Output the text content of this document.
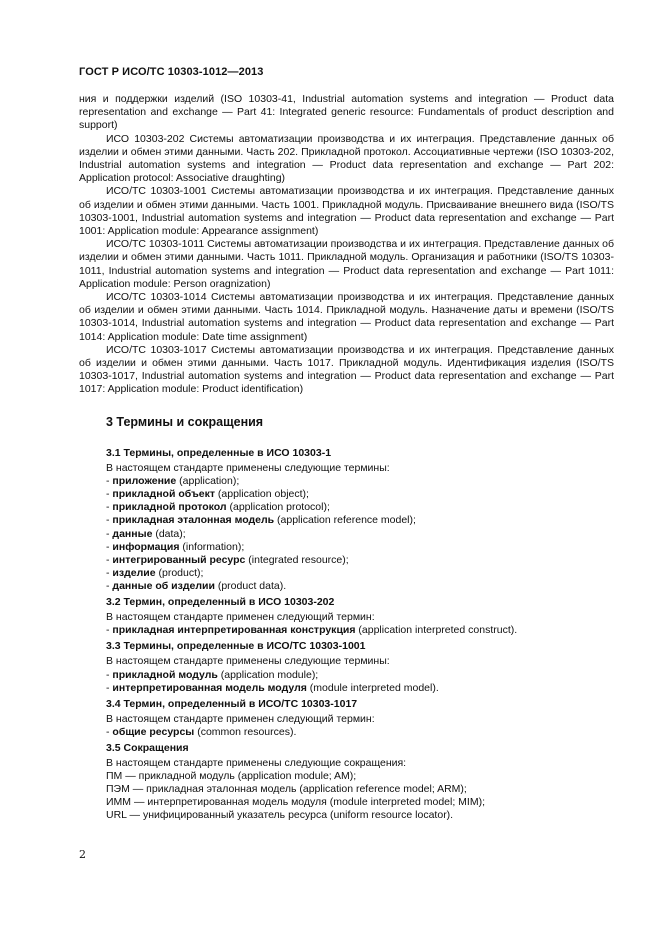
ГОСТ Р ИСО/ТС 10303-1012—2013

ния и поддержки изделий (ISO 10303-41, Industrial automation systems and integration — Product data representation and exchange — Part 41: Integrated generic resource: Fundamentals of product description and support)

ИСО 10303-202 Системы автоматизации производства и их интеграция. Представление данных об изделии и обмен этими данными. Часть 202. Прикладной протокол. Ассоциативные чертежи (ISO 10303-202, Industrial automation systems and integration — Product data representation and exchange — Part 202: Application protocol: Associative draughting)

ИСО/ТС 10303-1001 Системы автоматизации производства и их интеграция. Представление данных об изделии и обмен этими данными. Часть 1001. Прикладной модуль. Присваивание внешнего вида (ISO/TS 10303-1001, Industrial automation systems and integration — Product data representation and exchange — Part 1001: Application module: Appearance assignment)

ИСО/ТС 10303-1011 Системы автоматизации производства и их интеграция. Представление данных об изделии и обмен этими данными. Часть 1011. Прикладной модуль. Организация и работники (ISO/TS 10303-1011, Industrial automation systems and integration — Product data representation and exchange — Part 1011: Application module: Person oragnization)

ИСО/ТС 10303-1014 Системы автоматизации производства и их интеграция. Представление данных об изделии и обмен этими данными. Часть 1014. Прикладной модуль. Назначение даты и времени (ISO/TS 10303-1014, Industrial automation systems and integration — Product data representation and exchange — Part 1014: Application module: Date time assignment)

ИСО/ТС 10303-1017 Системы автоматизации производства и их интеграция. Представление данных об изделии и обмен этими данными. Часть 1017. Прикладной модуль. Идентификация изделия (ISO/TS 10303-1017, Industrial automation systems and integration — Product data representation and exchange — Part 1017: Application module: Product identification)

3 Термины и сокращения
3.1 Термины, определенные в ИСО 10303-1
В настоящем стандарте применены следующие термины:
- приложение (application);
- прикладной объект (application object);
- прикладной протокол (application protocol);
- прикладная эталонная модель (application reference model);
- данные (data);
- информация (information);
- интегрированный ресурс (integrated resource);
- изделие (product);
- данные об изделии (product data).
3.2 Термин, определенный в ИСО 10303-202
В настоящем стандарте применен следующий термин:
- прикладная интерпретированная конструкция (application interpreted construct).
3.3 Термины, определенные в ИСО/ТС 10303-1001
В настоящем стандарте применены следующие термины:
- прикладной модуль (application module);
- интерпретированная модель модуля (module interpreted model).
3.4 Термин, определенный в ИСО/ТС 10303-1017
В настоящем стандарте применен следующий термин:
- общие ресурсы (common resources).
3.5 Сокращения
В настоящем стандарте применены следующие сокращения:
ПМ — прикладной модуль (application module; AM);
ПЭМ — прикладная эталонная модель (application reference model; ARM);
ИММ — интерпретированная модель модуля (module interpreted model; MIM);
URL — унифицированный указатель ресурса (uniform resource locator).
2
